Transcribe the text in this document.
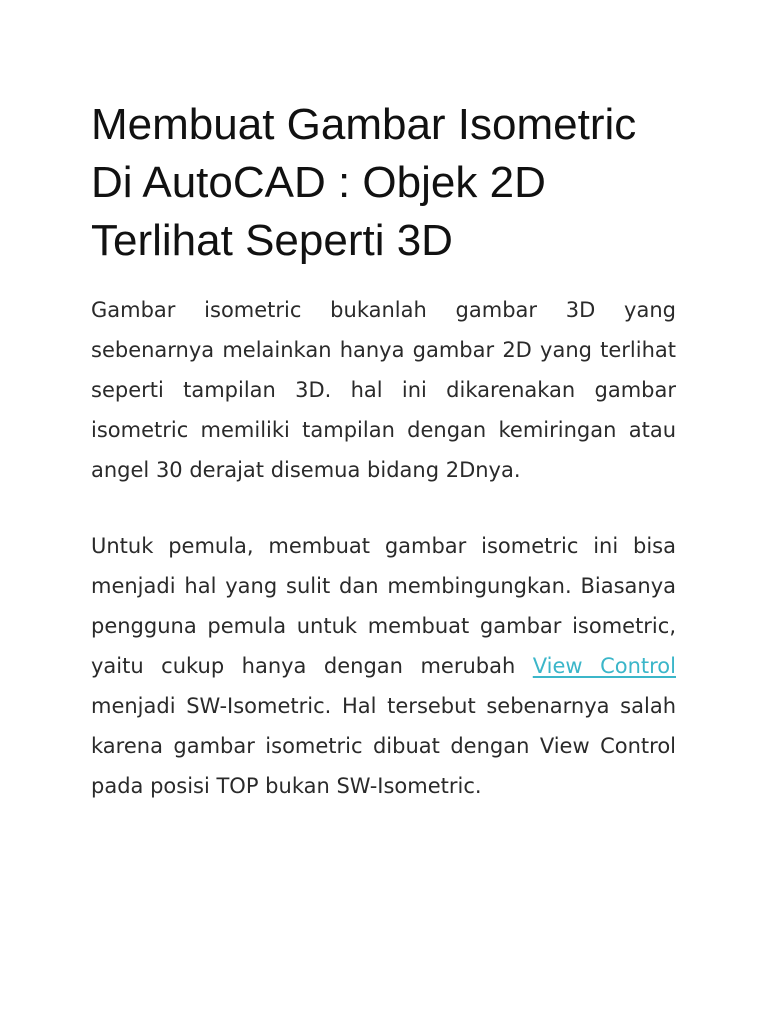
Membuat Gambar Isometric Di AutoCAD : Objek 2D Terlihat Seperti 3D

Gambar isometric bukanlah gambar 3D yang sebenarnya melainkan hanya gambar 2D yang terlihat seperti tampilan 3D. hal ini dikarenakan gambar isometric memiliki tampilan dengan kemiringan atau angel 30 derajat disemua bidang 2Dnya.

Untuk pemula, membuat gambar isometric ini bisa menjadi hal yang sulit dan membingungkan. Biasanya pengguna pemula untuk membuat gambar isometric, yaitu cukup hanya dengan merubah View Control menjadi SW-Isometric. Hal tersebut sebenarnya salah karena gambar isometric dibuat dengan View Control pada posisi TOP bukan SW-Isometric.
